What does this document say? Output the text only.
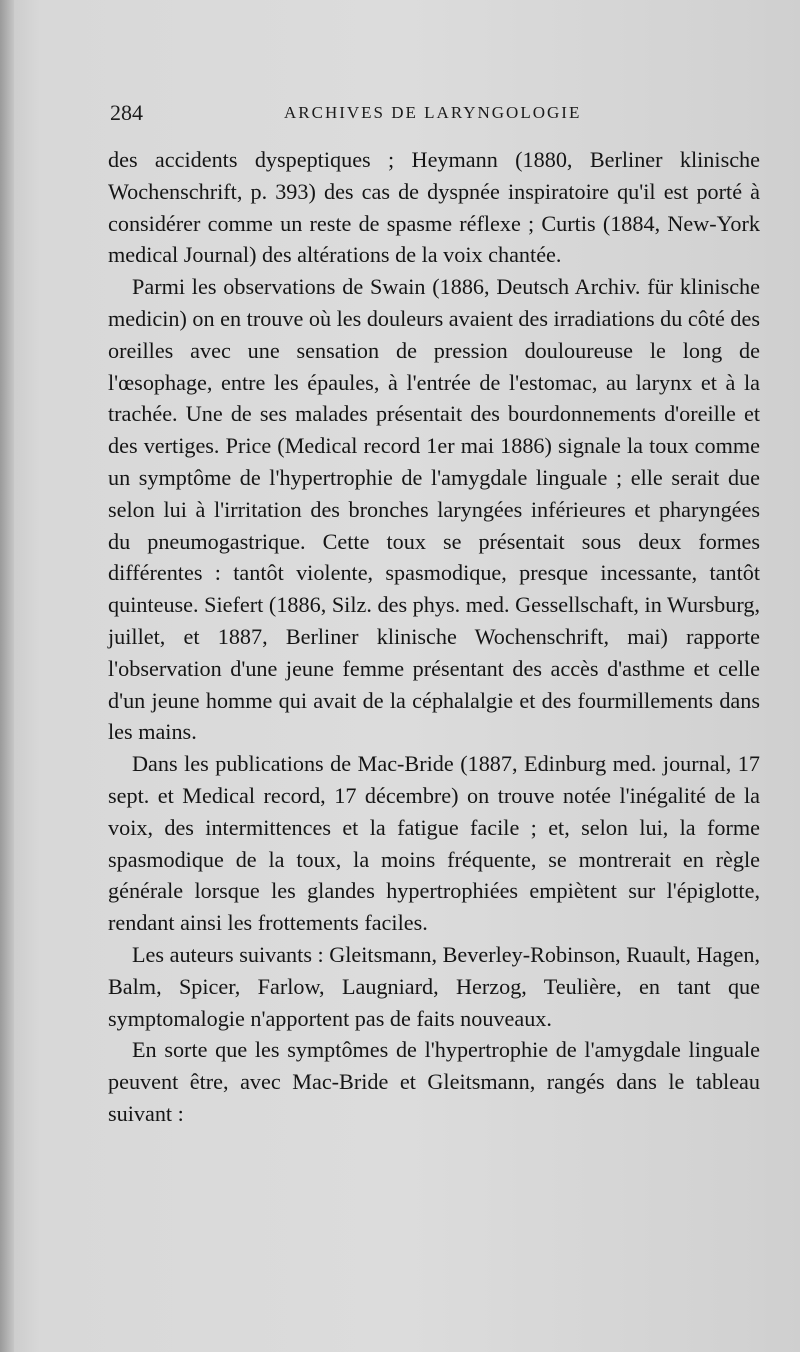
284	ARCHIVES DE LARYNGOLOGIE

des accidents dyspeptiques ; Heymann (1880, Berliner klinische Wochenschrift, p. 393) des cas de dyspnée inspiratoire qu'il est porté à considérer comme un reste de spasme réflexe ; Curtis (1884, New-York medical Journal) des altérations de la voix chantée.

Parmi les observations de Swain (1886, Deutsch Archiv. für klinische medicin) on en trouve où les douleurs avaient des irradiations du côté des oreilles avec une sensation de pression douloureuse le long de l'œsophage, entre les épaules, à l'entrée de l'estomac, au larynx et à la trachée. Une de ses malades présentait des bourdonnements d'oreille et des vertiges. Price (Medical record 1er mai 1886) signale la toux comme un symptôme de l'hypertrophie de l'amygdale linguale ; elle serait due selon lui à l'irritation des bronches laryngées inférieures et pharyngées du pneumogastrique. Cette toux se présentait sous deux formes différentes : tantôt violente, spasmodique, presque incessante, tantôt quinteuse. Siefert (1886, Silz. des phys. med. Gessellschaft, in Wursburg, juillet, et 1887, Berliner klinische Wochenschrift, mai) rapporte l'observation d'une jeune femme présentant des accès d'asthme et celle d'un jeune homme qui avait de la céphalalgie et des fourmillements dans les mains.

Dans les publications de Mac-Bride (1887, Edinburg med. journal, 17 sept. et Medical record, 17 décembre) on trouve notée l'inégalité de la voix, des intermittences et la fatigue facile ; et, selon lui, la forme spasmodique de la toux, la moins fréquente, se montrerait en règle générale lorsque les glandes hypertrophiées empiètent sur l'épiglotte, rendant ainsi les frottements faciles.

Les auteurs suivants : Gleitsmann, Beverley-Robinson, Ruault, Hagen, Balm, Spicer, Farlow, Laugniard, Herzog, Teulière, en tant que symptomalogie n'apportent pas de faits nouveaux.

En sorte que les symptômes de l'hypertrophie de l'amygdale linguale peuvent être, avec Mac-Bride et Gleitsmann, rangés dans le tableau suivant :
